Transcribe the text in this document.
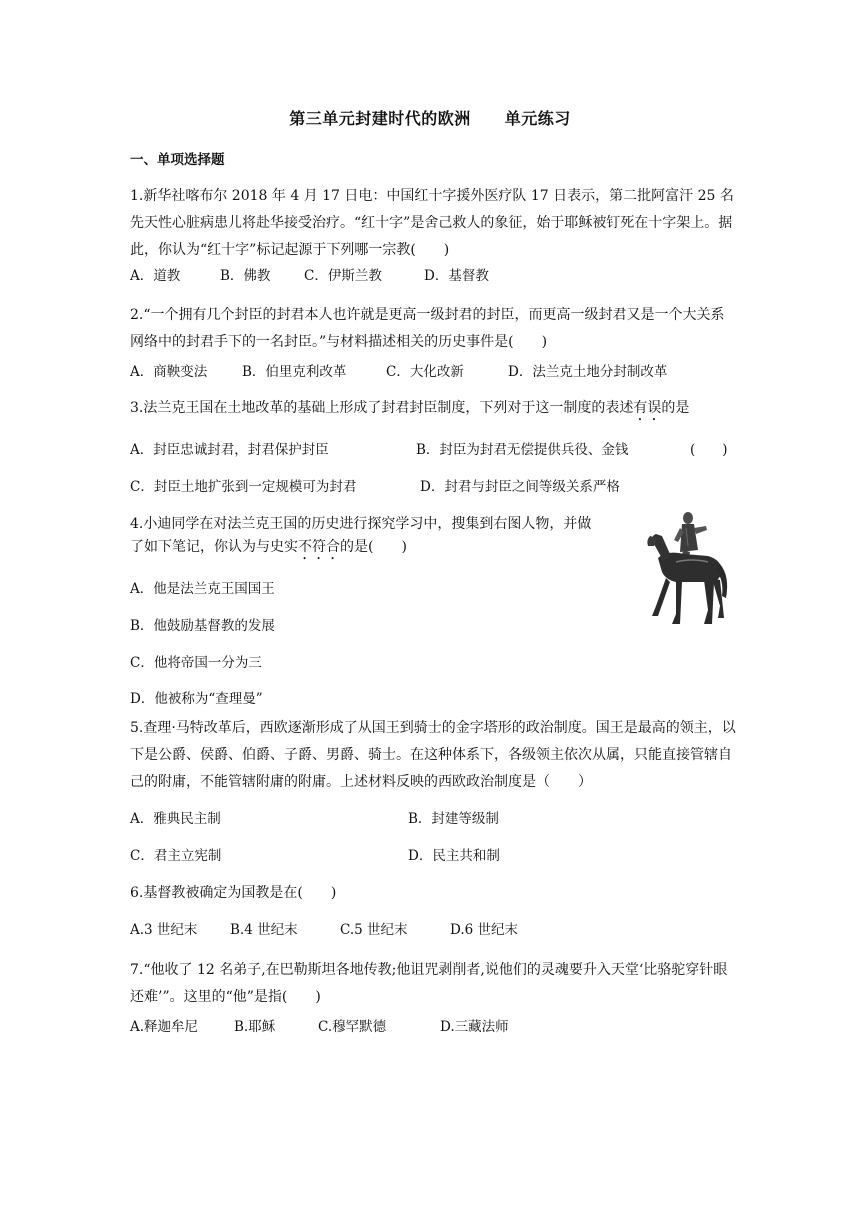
第三单元封建时代的欧洲 单元练习
一、单项选择题
1.新华社喀布尔 2018 年 4 月 17 日电：中国红十字援外医疗队 17 日表示，第二批阿富汗 25 名先天性心脏病患儿将赴华接受治疗。“红十字”是舍己救人的象征，始于耶稣被钉死在十字架上。据此，你认为“红十字”标记起源于下列哪一宗教(　　)
A．道教	B．佛教 C．伊斯兰教	D．基督教
2.“一个拥有几个封臣的封君本人也许就是更高一级封君的封臣，而更高一级封君又是一个大关系网络中的封君手下的一名封臣。”与材料描述相关的历史事件是(　　)
A．商鞅变法	B．伯里克利改革	C．大化改新	D．法兰克土地分封制改革
3.法兰克王国在土地改革的基础上形成了封君封臣制度，下列对于这一制度的表述有误的是
A．封臣忠诚封君，封君保护封臣	B．封臣为封君无偿提供兵役、金钱	(　　)
C．封臣土地扩张到一定规模可为封君	D．封君与封臣之间等级关系严格
4.小迪同学在对法兰克王国的历史进行探究学习中，搜集到右图人物，并做
了如下笔记，你认为与史实不符合的是(　　)
A．他是法兰克王国国王
B．他鼓励基督教的发展
C．他将帝国一分为三
D．他被称为“查理曼”
5.查理·马特改革后，西欧逐渐形成了从国王到骑士的金字塔形的政治制度。国王是最高的领主，以下是公爵、侯爵、伯爵、子爵、男爵、骑士。在这种体系下，各级领主依次从属，只能直接管辖自己的附庸，不能管辖附庸的附庸。上述材料反映的西欧政治制度是（　　）
A．雅典民主制	B．封建等级制
C．君主立宪制	D．民主共和制
6.基督教被确定为国教是在(　　)
A.3 世纪末 B.4 世纪末	C.5 世纪末	D.6 世纪末
7.“他收了 12 名弟子,在巴勒斯坦各地传教;他诅咒剥削者,说他们的灵魂要升入天堂‘比骆驼穿针眼还难’”。这里的“他”是指(　　)
A.释迦牟尼	B.耶稣	C.穆罕默德	D.三藏法师
